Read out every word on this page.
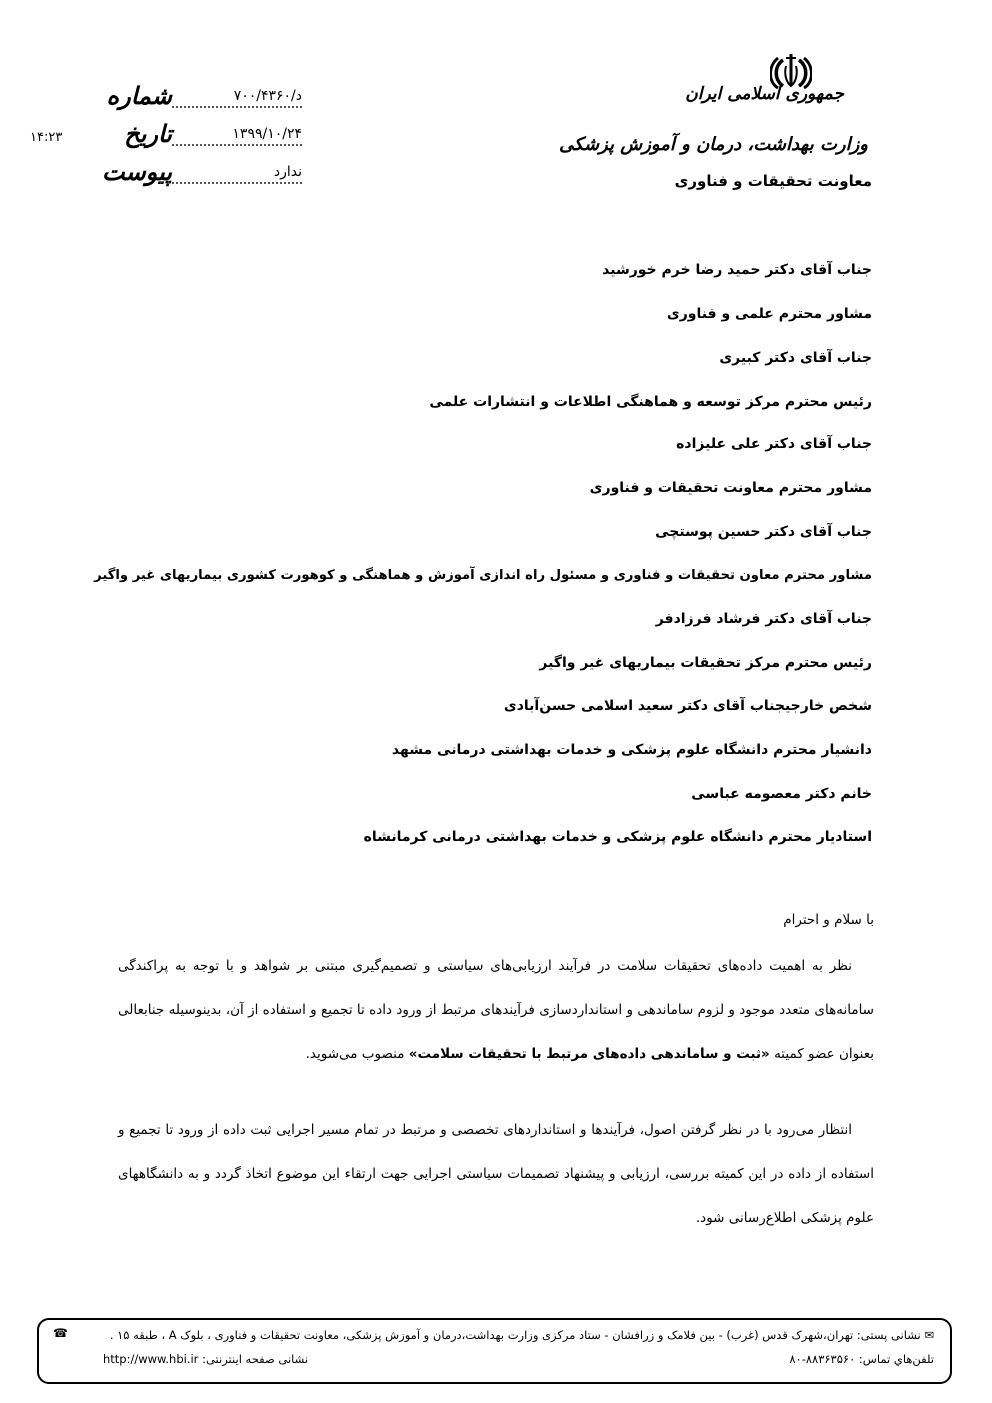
جمهوری اسلامی ایران
وزارت بهداشت، درمان و آموزش پزشکی
معاونت تحقیقات و فناوری
شماره	د/۷۰۰/۴۳۶۰
تاریخ	۱۳۹۹/۱۰/۲۴
پیوست	ندارد
۱۴:۲۳
جناب آقای دکتر حمید رضا خرم خورشید
مشاور محترم علمی و فناوری
جناب آقای دکتر کبیری
رئیس محترم مرکز توسعه و هماهنگی اطلاعات و انتشارات علمی
جناب آقای دکتر علی علیزاده
مشاور محترم معاونت تحقیقات و فناوری
جناب آقای دکتر حسین پوستچی
مشاور محترم معاون تحقیقات و فناوری و مسئول راه اندازی آموزش و هماهنگی و کوهورت کشوری بیماریهای غیر واگیر
جناب آقای دکتر فرشاد فرزادفر
رئیس محترم مرکز تحقیقات بیماریهای غیر واگیر
شخص خارجیجناب آقای دکتر سعید اسلامی حسن‌آبادی
دانشیار محترم دانشگاه علوم پزشکی و خدمات بهداشتی درمانی مشهد
خانم دکتر معصومه عباسی
استادیار محترم دانشگاه علوم پزشکی و خدمات بهداشتی درمانی کرمانشاه
با سلام و احترام
نظر به اهمیت داده‌های تحقیقات سلامت در فرآیند ارزیابی‌های سیاستی و تصمیم‌گیری مبتنی بر شواهد و با توجه به پراکندگی سامانه‌های متعدد موجود و لزوم ساماندهی و استانداردسازی فرآیندهای مرتبط از ورود داده تا تجمیع و استفاده از آن، بدینوسیله جنابعالی بعنوان عضو کمیته «ثبت و ساماندهی داده‌های مرتبط با تحقیقات سلامت» منصوب می‌شوید.
انتظار می‌رود با در نظر گرفتن اصول، فرآیندها و استانداردهای تخصصی و مرتبط در تمام مسیر اجرایی ثبت داده از ورود تا تجمیع و استفاده از داده در این کمیته بررسی، ارزیابی و پیشنهاد تصمیمات سیاستی اجرایی جهت ارتقاء این موضوع اتخاذ گردد و به دانشگاههای علوم پزشکی اطلاع‌رسانی شود.
✉ نشانی پستی: تهران،شهرک قدس (غرب) - بین فلامک و زرافشان - ستاد مرکزی وزارت بهداشت،درمان و آموزش پزشکی، معاونت تحقیقات و فناوری ، بلوک A ، طبقه ۱۵ .
☎
تلفن‌هاي تماس: ۸۸۳۶۳۵۶۰-۸۰
نشانی صفحه اینترنتی: http://www.hbi.ir
